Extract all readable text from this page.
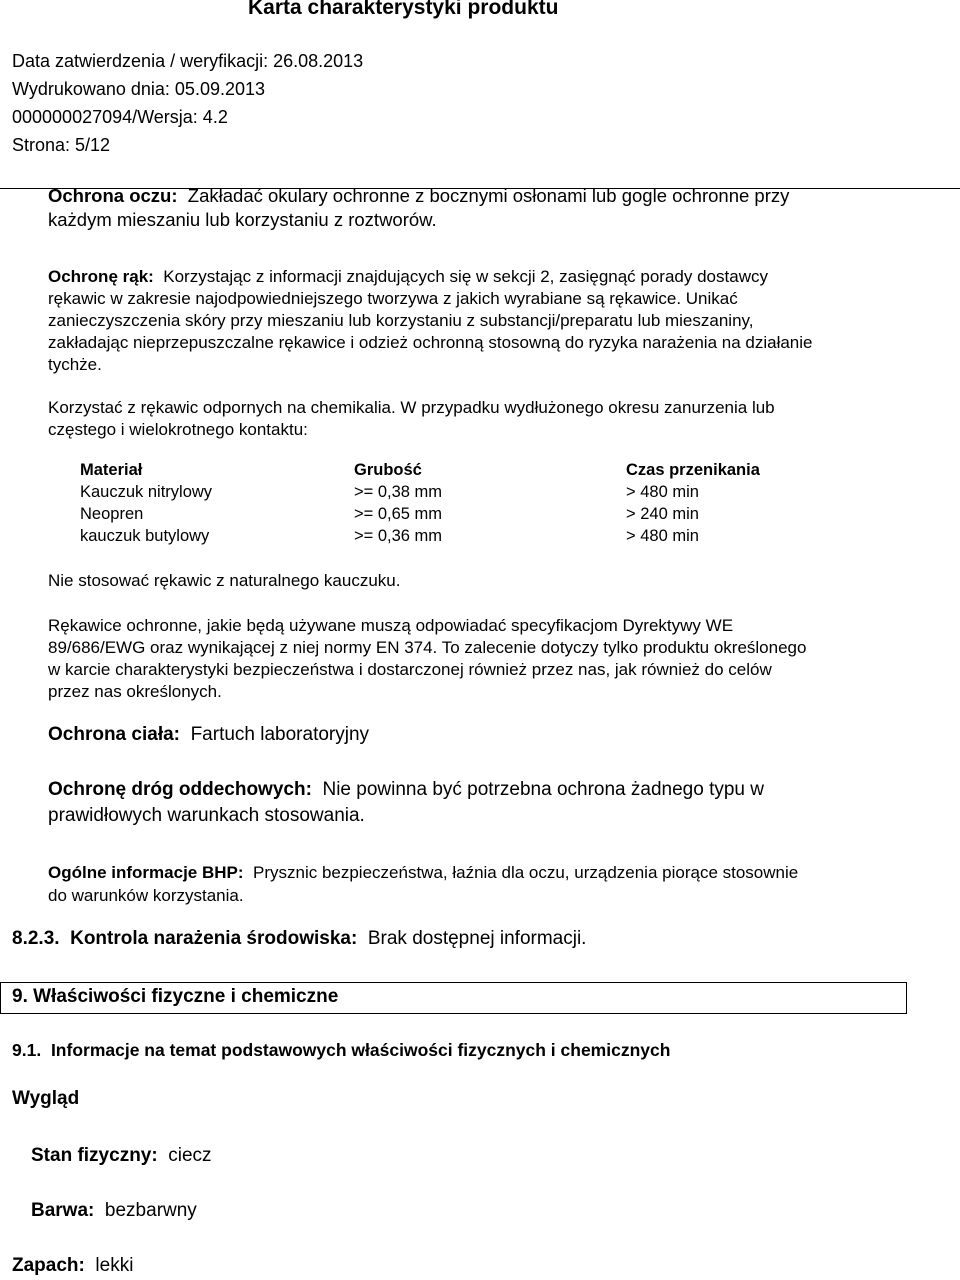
Karta charakterystyki produktu
Data zatwierdzenia / weryfikacji: 26.08.2013
Wydrukowano dnia: 05.09.2013
000000027094/Wersja: 4.2
Strona: 5/12
Ochrona oczu: Zakładać okulary ochronne z bocznymi osłonami lub gogle ochronne przy
każdym mieszaniu lub korzystaniu z roztworów.
Ochronę rąk: Korzystając z informacji znajdujących się w sekcji 2, zasięgnąć porady dostawcy
rękawic w zakresie najodpowiedniejszego tworzywa z jakich wyrabiane są rękawice. Unikać
zanieczyszczenia skóry przy mieszaniu lub korzystaniu z substancji/preparatu lub mieszaniny,
zakładając nieprzepuszczalne rękawice i odzież ochronną stosowną do ryzyka narażenia na działanie
tychże.
Korzystać z rękawic odpornych na chemikalia. W przypadku wydłużonego okresu zanurzenia lub
częstego i wielokrotnego kontaktu:
Materiał	Grubość	Czas przenikania
Kauczuk nitrylowy	>= 0,38 mm	> 480 min
Neopren	>= 0,65 mm	> 240 min
kauczuk butylowy	>= 0,36 mm	> 480 min
Nie stosować rękawic z naturalnego kauczuku.
Rękawice ochronne, jakie będą używane muszą odpowiadać specyfikacjom Dyrektywy WE
89/686/EWG oraz wynikającej z niej normy EN 374. To zalecenie dotyczy tylko produktu określonego
w karcie charakterystyki bezpieczeństwa i dostarczonej również przez nas, jak również do celów
przez nas określonych.
Ochrona ciała: Fartuch laboratoryjny
Ochronę dróg oddechowych: Nie powinna być potrzebna ochrona żadnego typu w
prawidłowych warunkach stosowania.
Ogólne informacje BHP: Prysznic bezpieczeństwa, łaźnia dla oczu, urządzenia piorące stosownie
do warunków korzystania.
8.2.3. Kontrola narażenia środowiska: Brak dostępnej informacji.
9. Właściwości fizyczne i chemiczne
9.1. Informacje na temat podstawowych właściwości fizycznych i chemicznych
Wygląd
Stan fizyczny: ciecz
Barwa: bezbarwny
Zapach: lekki
